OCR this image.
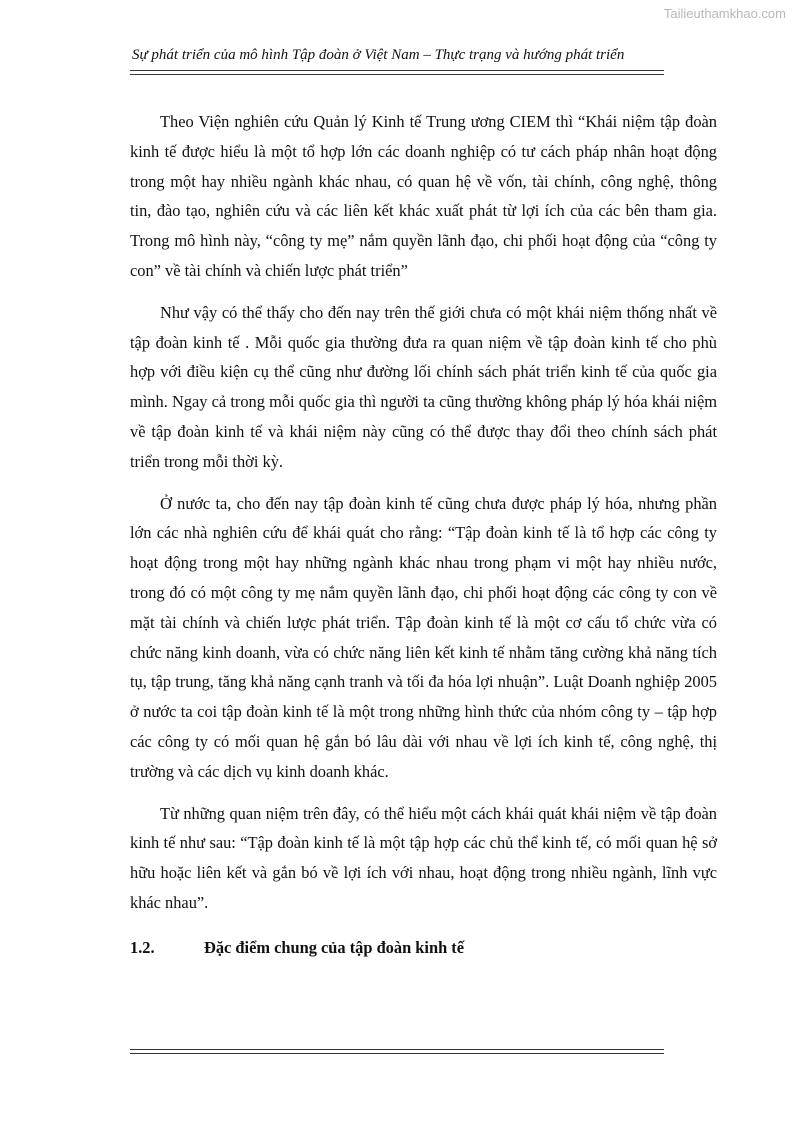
Tailieuthamkhao.com
Sự phát triển của mô hình Tập đoàn ở Việt Nam – Thực trạng và hướng phát triển

Theo Viện nghiên cứu Quản lý Kinh tế Trung ương CIEM thì “Khái niệm tập đoàn kinh tế được hiểu là một tổ hợp lớn các doanh nghiệp có tư cách pháp nhân hoạt động trong một hay nhiều ngành khác nhau, có quan hệ về vốn, tài chính, công nghệ, thông tin, đào tạo, nghiên cứu và các liên kết khác xuất phát từ lợi ích của các bên tham gia. Trong mô hình này, “công ty mẹ” nắm quyền lãnh đạo, chi phối hoạt động của “công ty con” về tài chính và chiến lược phát triển”

Như vậy có thể thấy cho đến nay trên thế giới chưa có một khái niệm thống nhất về tập đoàn kinh tế . Mỗi quốc gia thường đưa ra quan niệm về tập đoàn kinh tế cho phù hợp với điều kiện cụ thể cũng như đường lối chính sách phát triển kinh tế của quốc gia mình. Ngay cả trong mỗi quốc gia thì người ta cũng thường không pháp lý hóa khái niệm về tập đoàn kinh tế và khái niệm này cũng có thể được thay đổi theo chính sách phát triển trong mỗi thời kỳ.

Ở nước ta, cho đến nay tập đoàn kinh tế cũng chưa được pháp lý hóa, nhưng phần lớn các nhà nghiên cứu để khái quát cho rằng: “Tập đoàn kinh tế là tổ hợp các công ty hoạt động trong một hay những ngành khác nhau trong phạm vi một hay nhiều nước, trong đó có một công ty mẹ nắm quyền lãnh đạo, chi phối hoạt động các công ty con về mặt tài chính và chiến lược phát triển. Tập đoàn kinh tế là một cơ cấu tổ chức vừa có chức năng kinh doanh, vừa có chức năng liên kết kinh tế nhằm tăng cường khả năng tích tụ, tập trung, tăng khả năng cạnh tranh và tối đa hóa lợi nhuận”. Luật Doanh nghiệp 2005 ở nước ta coi tập đoàn kinh tế là một trong những hình thức của nhóm công ty – tập hợp các công ty có mối quan hệ gắn bó lâu dài với nhau về lợi ích kinh tế, công nghệ, thị trường và các dịch vụ kinh doanh khác.

Từ những quan niệm trên đây, có thể hiểu một cách khái quát khái niệm về tập đoàn kinh tế như sau: “Tập đoàn kinh tế là một tập hợp các chủ thể kinh tế, có mối quan hệ sở hữu hoặc liên kết và gắn bó về lợi ích với nhau, hoạt động trong nhiều ngành, lĩnh vực khác nhau”.

1.2.	Đặc điểm chung của tập đoàn kinh tế
